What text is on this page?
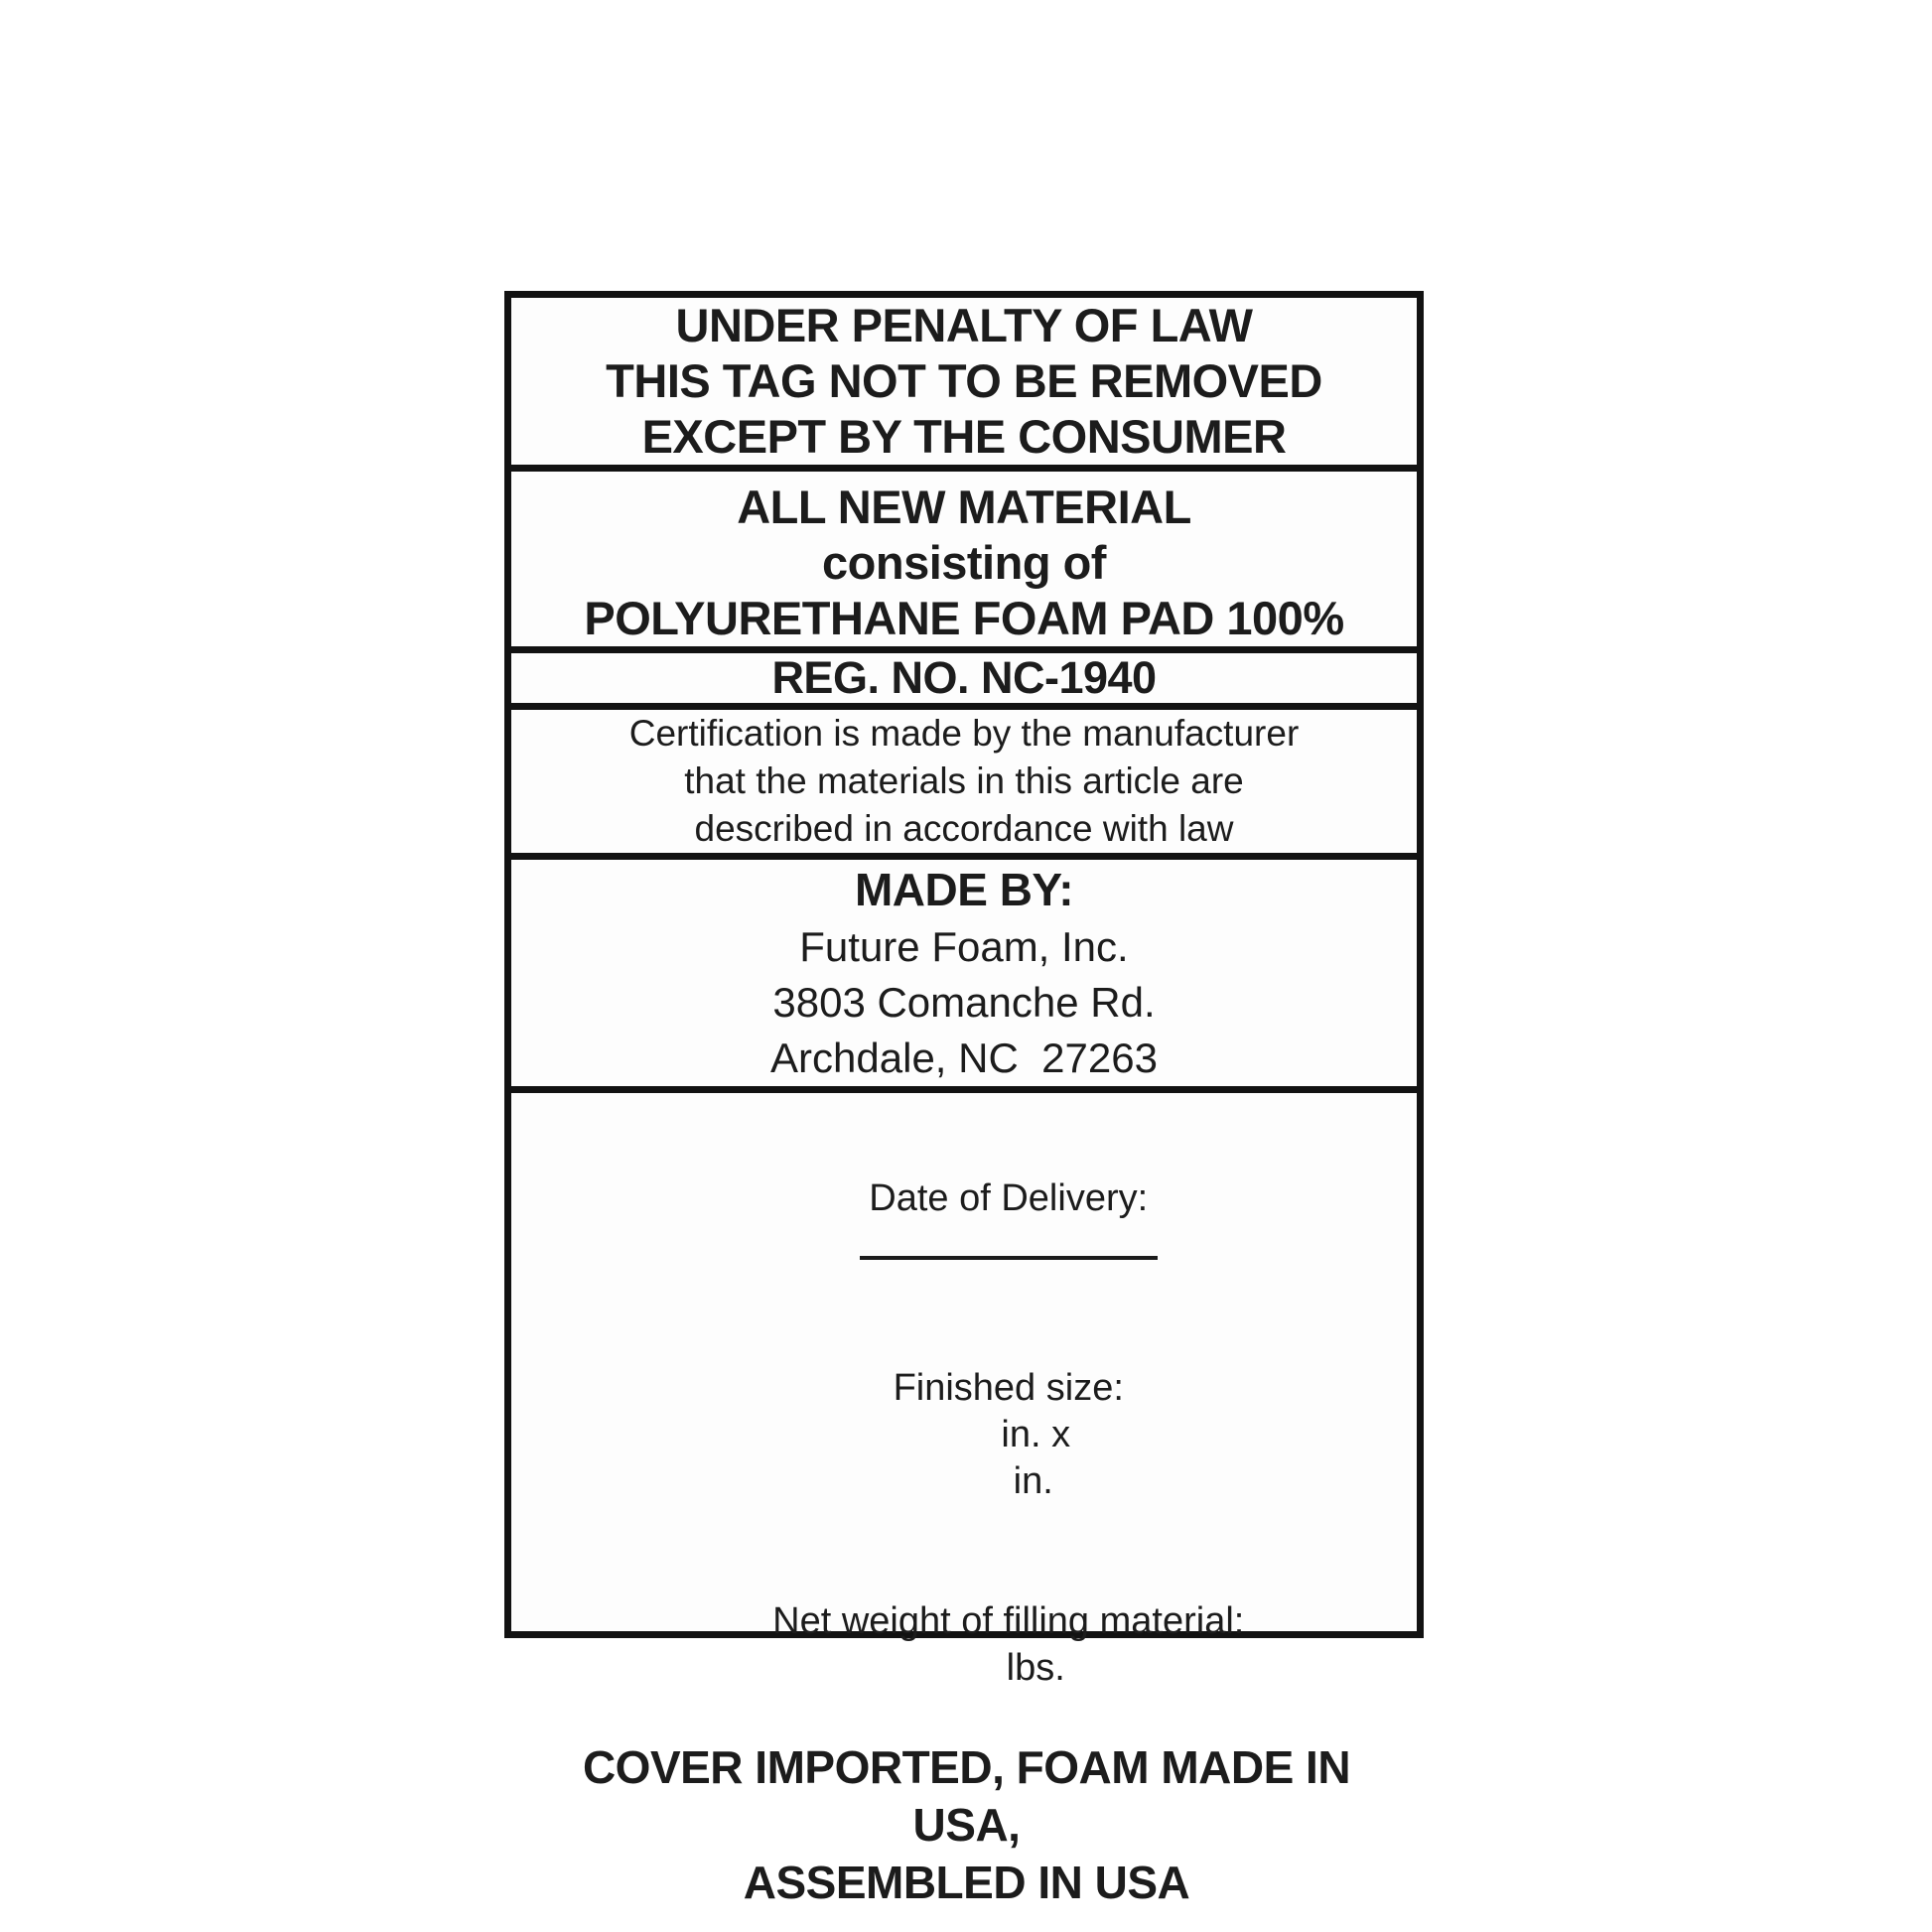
UNDER PENALTY OF LAW

THIS TAG NOT TO BE REMOVED

EXCEPT BY THE CONSUMER

ALL NEW MATERIAL

consisting of

POLYURETHANE FOAM PAD 100%

REG. NO. NC-1940

Certification is made by the manufacturer

that the materials in this article are

described in accordance with law

MADE BY:

Future Foam, Inc.

3803 Comanche Rd.

Archdale, NC  27263

Date of Delivery:

Finished size:
in. x
in.

Net weight of filling material:
lbs.

COVER IMPORTED, FOAM MADE IN USA,

ASSEMBLED IN USA
